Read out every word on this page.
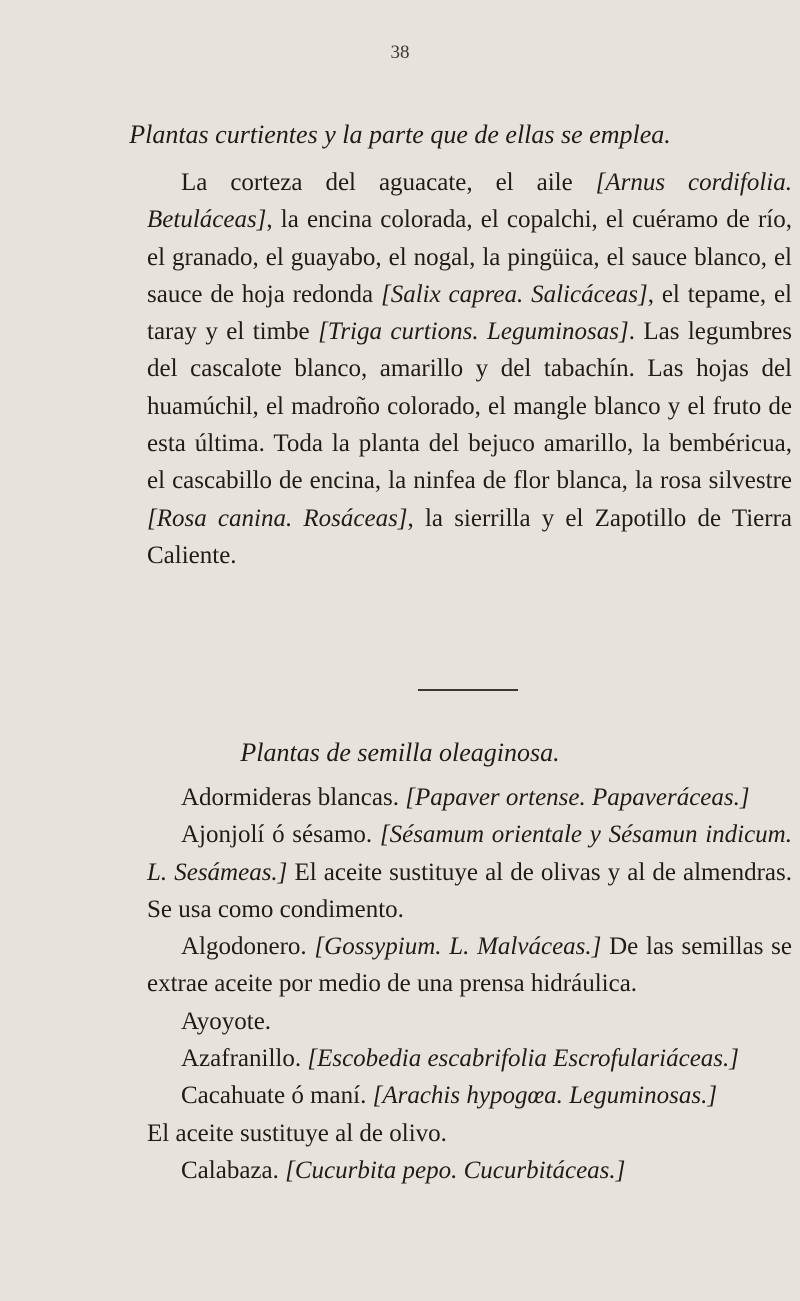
38
Plantas curtientes y la parte que de ellas se emplea.

La corteza del aguacate, el aile [Arnus cordifolia. Betuláceas], la encina colorada, el copalchi, el cuéramo de río, el granado, el guayabo, el nogal, la pingüica, el sauce blanco, el sauce de hoja redonda [Salix caprea. Salicáceas], el tepame, el taray y el timbe [Triga curtions. Leguminosas]. Las legumbres del cascalote blanco, amarillo y del tabachín. Las hojas del huamúchil, el madroño colorado, el mangle blanco y el fruto de esta última. Toda la planta del bejuco amarillo, la bembéricua, el cascabillo de encina, la ninfea de flor blanca, la rosa silvestre [Rosa canina. Rosáceas], la sierrilla y el Zapotillo de Tierra Caliente.

Plantas de semilla oleaginosa.

Adormideras blancas. [Papaver ortense. Papaveráceas.]

Ajonjolí ó sésamo. [Sésamum orientale y Sésamun indicum. L. Sesámeas.] El aceite sustituye al de olivas y al de almendras. Se usa como condimento.

Algodonero. [Gossypium. L. Malváceas.] De las semillas se extrae aceite por medio de una prensa hidráulica.

Ayoyote.

Azafranillo. [Escobedia escabrifolia Escrofulariáceas.]

Cacahuate ó maní. [Arachis hypogœa. Leguminosas.]

El aceite sustituye al de olivo.

Calabaza. [Cucurbita pepo. Cucurbitáceas.]
